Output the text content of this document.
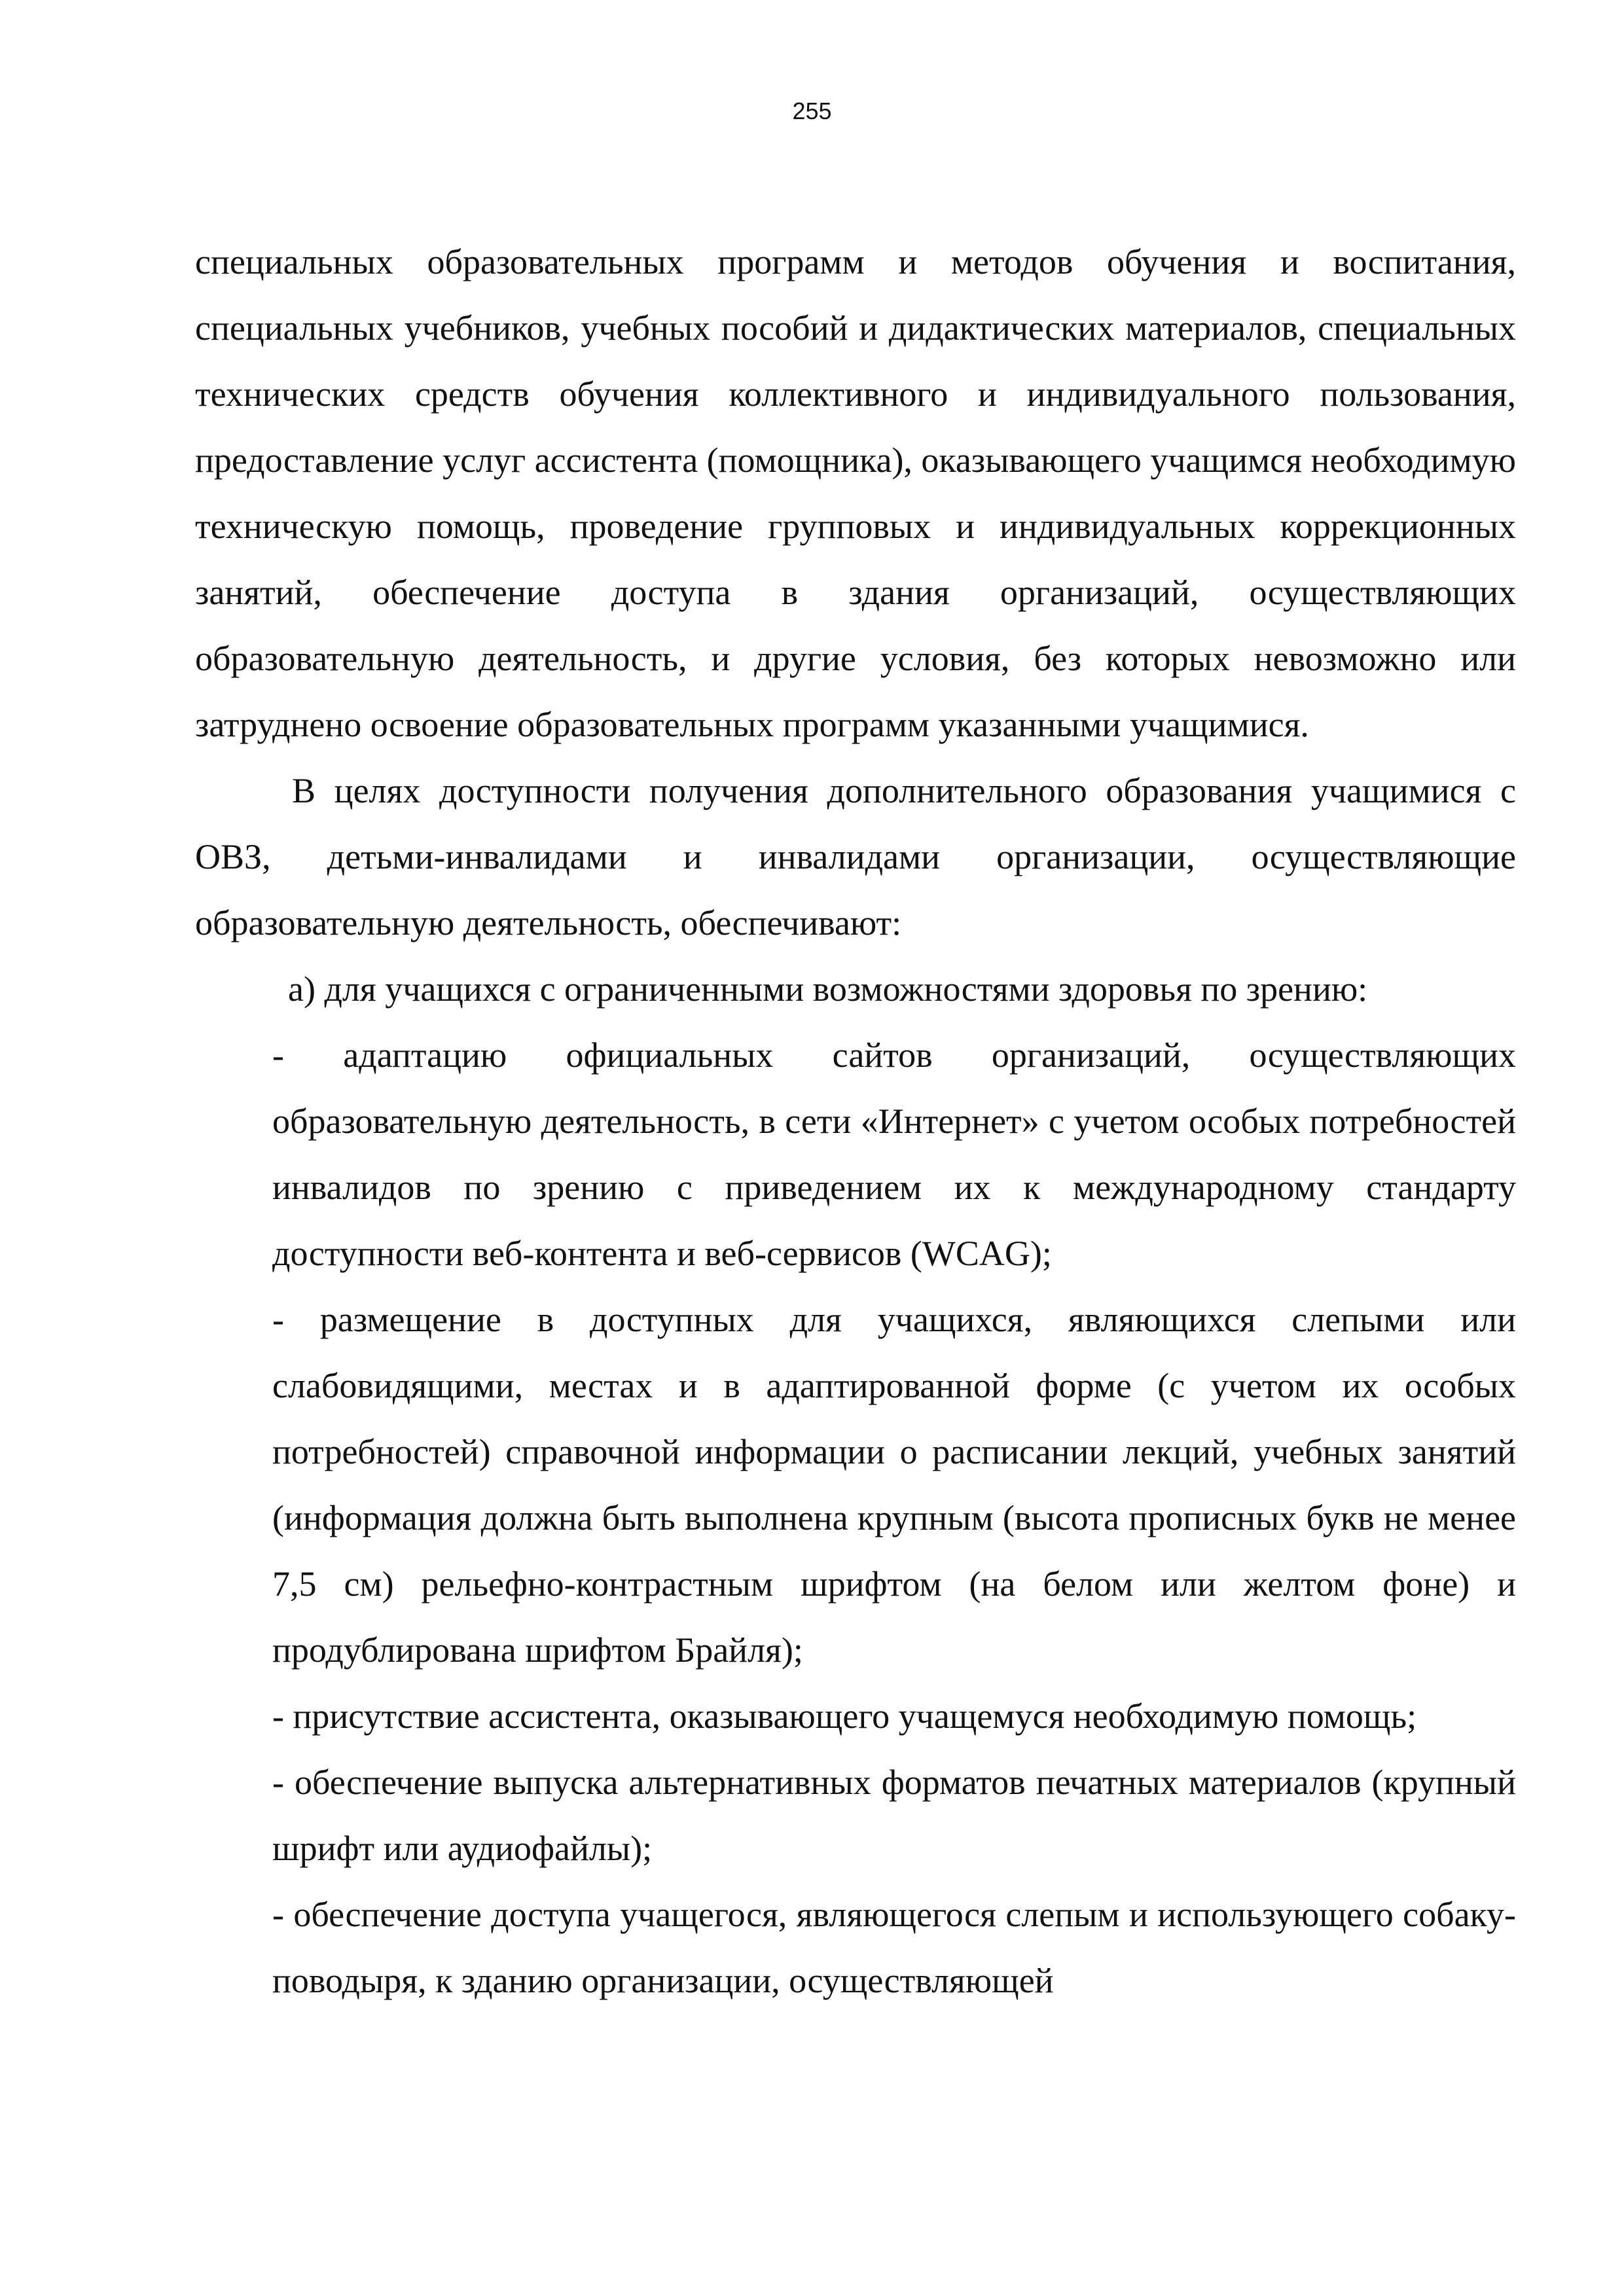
255

специальных образовательных программ и методов обучения и воспитания, специальных учебников, учебных пособий и дидактических материалов, специальных технических средств обучения коллективного и индивидуального пользования, предоставление услуг ассистента (помощника), оказывающего учащимся необходимую техническую помощь, проведение групповых и индивидуальных коррекционных занятий, обеспечение доступа в здания организаций, осуществляющих образовательную деятельность, и другие условия, без которых невозможно или затруднено освоение образовательных программ указанными учащимися.

В целях доступности получения дополнительного образования учащимися с ОВЗ, детьми-инвалидами и инвалидами организации, осуществляющие образовательную деятельность, обеспечивают:

а) для учащихся с ограниченными возможностями здоровья по зрению:

- адаптацию официальных сайтов организаций, осуществляющих образовательную деятельность, в сети «Интернет» с учетом особых потребностей инвалидов по зрению с приведением их к международному стандарту доступности веб-контента и веб-сервисов (WCAG);

- размещение в доступных для учащихся, являющихся слепыми или слабовидящими, местах и в адаптированной форме (с учетом их особых потребностей) справочной информации о расписании лекций, учебных занятий (информация должна быть выполнена крупным (высота прописных букв не менее 7,5 см) рельефно-контрастным шрифтом (на белом или желтом фоне) и продублирована шрифтом Брайля);

- присутствие ассистента, оказывающего учащемуся необходимую помощь;

- обеспечение выпуска альтернативных форматов печатных материалов (крупный шрифт или аудиофайлы);

- обеспечение доступа учащегося, являющегося слепым и использующего собаку-поводыря, к зданию организации, осуществляющей
